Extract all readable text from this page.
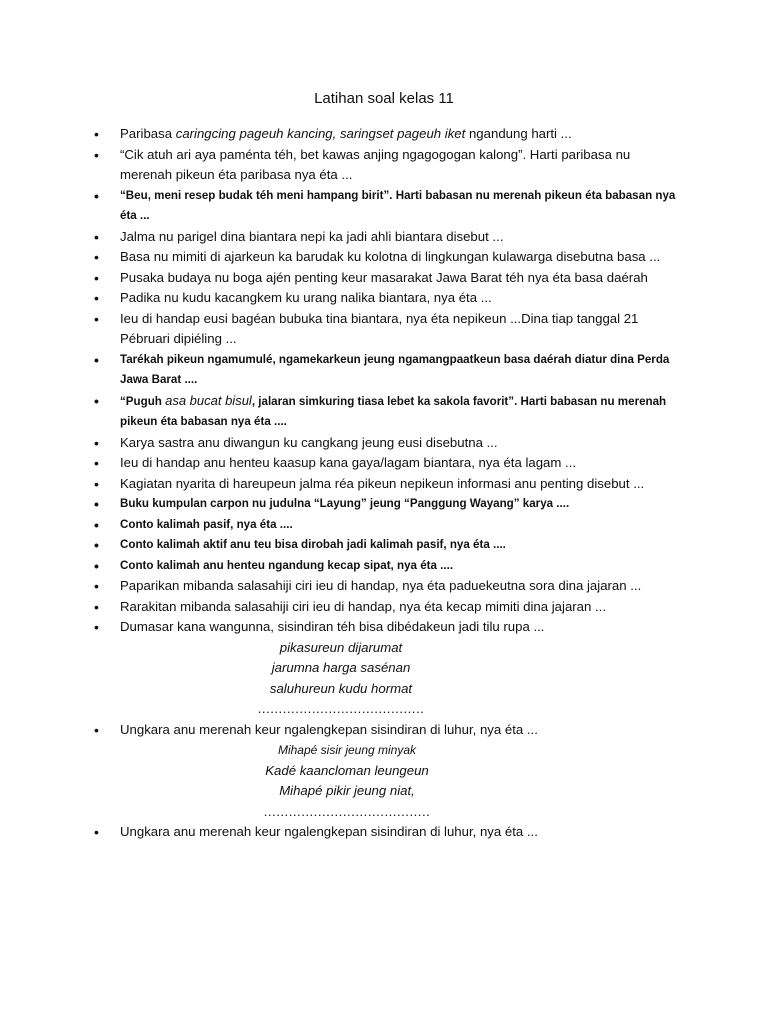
Latihan soal kelas 11
• Paribasa caringcing pageuh kancing, saringset pageuh iket ngandung harti ...
• “Cik atuh ari aya paménta téh, bet kawas anjing ngagogogan kalong”. Harti paribasa nu merenah pikeun éta paribasa nya éta ...
• “Beu, meni resep budak téh meni hampang birit”. Harti babasan nu merenah pikeun éta babasan nya éta ...
• Jalma nu parigel dina biantara nepi ka jadi ahli biantara disebut ...
• Basa nu mimiti di ajarkeun ka barudak ku kolotna di lingkungan kulawarga disebutna basa ...
• Pusaka budaya nu boga ajén penting keur masarakat Jawa Barat téh nya éta basa daérah
• Padika nu kudu kacangkem ku urang nalika biantara, nya éta ...
• Ieu di handap eusi bagéan bubuka tina biantara, nya éta nepikeun ...Dina tiap tanggal 21 Pébruari dipiéling ...
• Tarékah pikeun ngamumulé, ngamekarkeun jeung ngamangpaatkeun basa daérah diatur dina Perda Jawa Barat ....
• “Puguh asa bucat bisul, jalaran simkuring tiasa lebet ka sakola favorit”. Harti babasan nu merenah pikeun éta babasan nya éta ....
• Karya sastra anu diwangun ku cangkang jeung eusi disebutna ...
• Ieu di handap anu henteu kaasup kana gaya/lagam biantara, nya éta lagam ...
• Kagiatan nyarita di hareupeun jalma réa pikeun nepikeun informasi anu penting disebut ...
• Buku kumpulan carpon nu judulna “Layung” jeung “Panggung Wayang” karya ....
• Conto kalimah pasif, nya éta ....
• Conto kalimah aktif anu teu bisa dirobah jadi kalimah pasif, nya éta ....
• Conto kalimah anu henteu ngandung kecap sipat, nya éta ....
• Paparikan mibanda salasahiji ciri ieu di handap, nya éta paduekeutna sora dina jajaran ...
• Rarakitan mibanda salasahiji ciri ieu di handap, nya éta kecap mimiti dina jajaran ...
• Dumasar kana wangunna, sisindiran téh bisa dibédakeun jadi tilu rupa ...
pikasureun dijarumat
jarumna harga sasénan
saluhureun kudu hormat
........................................
• Ungkara anu merenah keur ngalengkepan sisindiran di luhur, nya éta ...
Mihapé sisir jeung minyak
Kadé kaancloman leungeun
Mihapé pikir jeung niat,
........................................
• Ungkara anu merenah keur ngalengkepan sisindiran di luhur, nya éta ...
